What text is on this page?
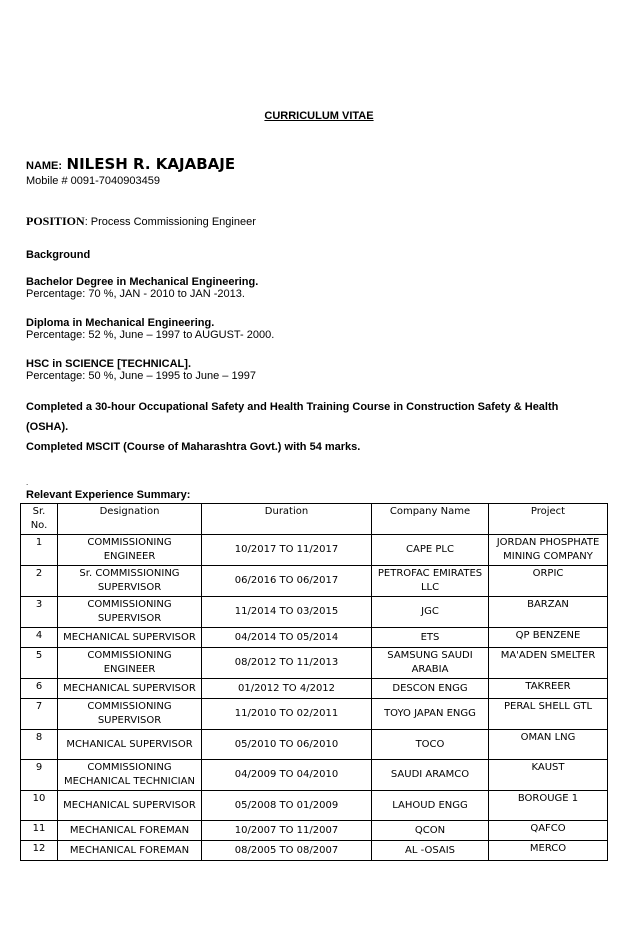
CURRICULUM VITAE
NAME: NILESH R. KAJABAJE
Mobile # 0091-7040903459
POSITION: Process Commissioning Engineer
Background
Bachelor Degree in Mechanical Engineering.
Percentage: 70 %, JAN - 2010 to JAN -2013.
Diploma in Mechanical Engineering.
Percentage: 52 %, June – 1997 to AUGUST- 2000.
HSC in SCIENCE [TECHNICAL].
Percentage: 50 %, June – 1995 to June – 1997
Completed a 30-hour Occupational Safety and Health Training Course in Construction Safety & Health
(OSHA).
Completed MSCIT (Course of Maharashtra Govt.) with 54 marks.
.
Relevant Experience Summary:
Sr. No.	Designation	Duration	Company Name	Project
1	COMMISSIONING ENGINEER	10/2017 TO 11/2017	CAPE PLC	JORDAN PHOSPHATE MINING COMPANY
2	Sr. COMMISSIONING SUPERVISOR	06/2016 TO 06/2017	PETROFAC EMIRATES LLC	ORPIC
3	COMMISSIONING SUPERVISOR	11/2014 TO 03/2015	JGC	BARZAN
4	MECHANICAL SUPERVISOR	04/2014 TO 05/2014	ETS	QP BENZENE
5	COMMISSIONING ENGINEER	08/2012 TO 11/2013	SAMSUNG SAUDI ARABIA	MA'ADEN SMELTER
6	MECHANICAL SUPERVISOR	01/2012 TO 4/2012	DESCON ENGG	TAKREER
7	COMMISSIONING SUPERVISOR	11/2010 TO 02/2011	TOYO JAPAN ENGG	PERAL SHELL GTL
8	MCHANICAL SUPERVISOR	05/2010 TO 06/2010	TOCO	OMAN LNG
9	COMMISSIONING MECHANICAL TECHNICIAN	04/2009 TO 04/2010	SAUDI ARAMCO	KAUST
10	MECHANICAL SUPERVISOR	05/2008 TO 01/2009	LAHOUD ENGG	BOROUGE 1
11	MECHANICAL FOREMAN	10/2007 TO 11/2007	QCON	QAFCO
12	MECHANICAL FOREMAN	08/2005 TO 08/2007	AL -OSAIS	MERCO
